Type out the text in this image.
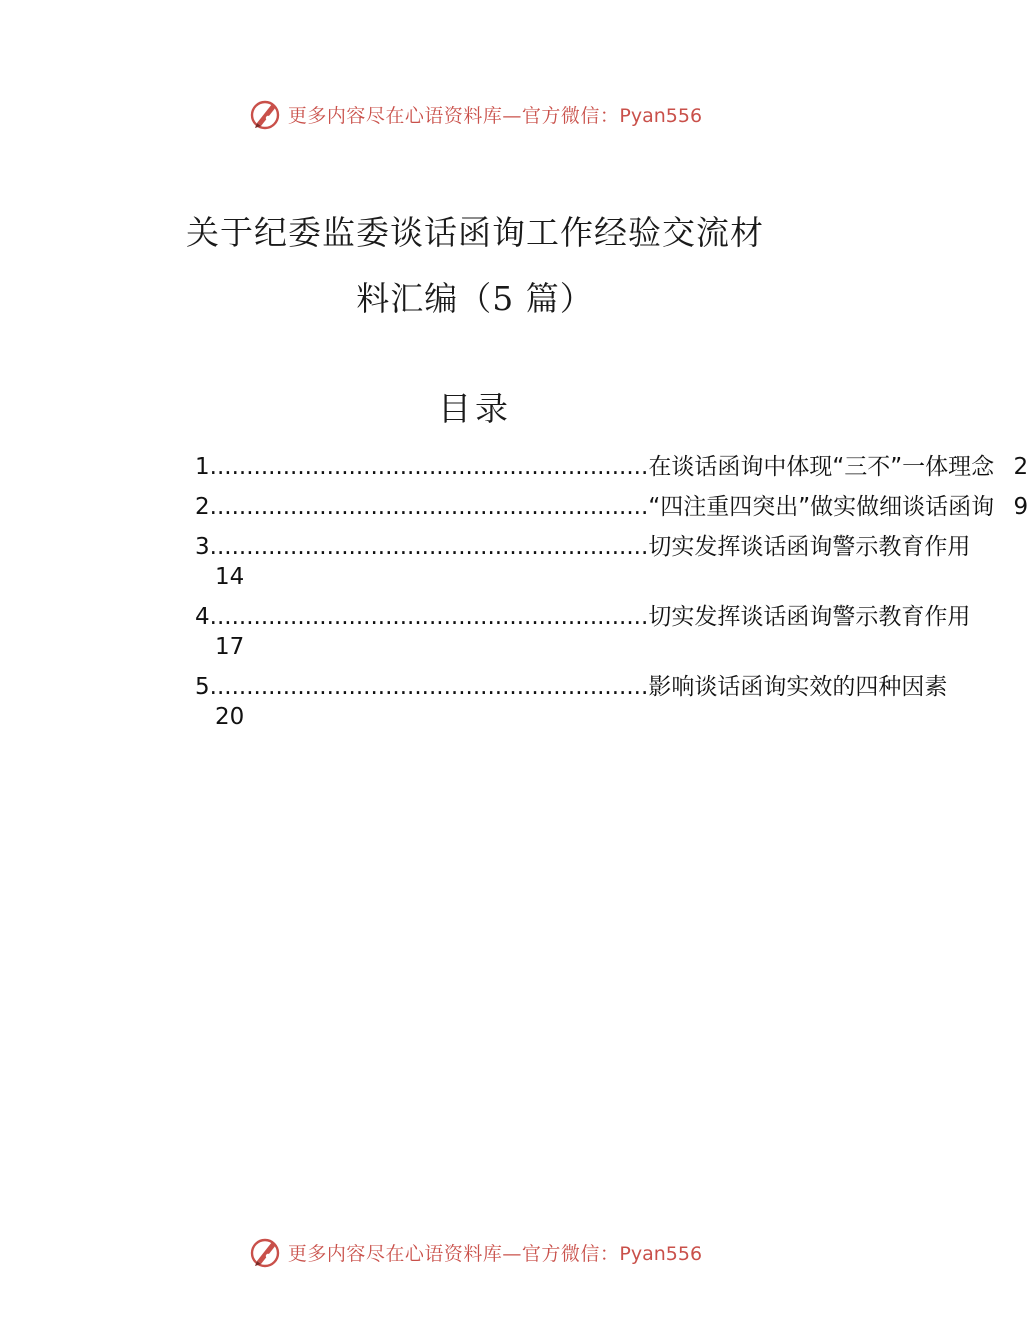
更多内容尽在心语资料库—官方微信：Pyan556
关于纪委监委谈话函询工作经验交流材
料汇编（5 篇）
目录
1 ............................................................ 在谈话函询中体现“三不”一体理念 2
2 ............................................................ “四注重四突出”做实做细谈话函询 9
3 ............................................................ 切实发挥谈话函询警示教育作用
14
4 ............................................................ 切实发挥谈话函询警示教育作用
17
5 ............................................................ 影响谈话函询实效的四种因素
20
更多内容尽在心语资料库—官方微信：Pyan556
